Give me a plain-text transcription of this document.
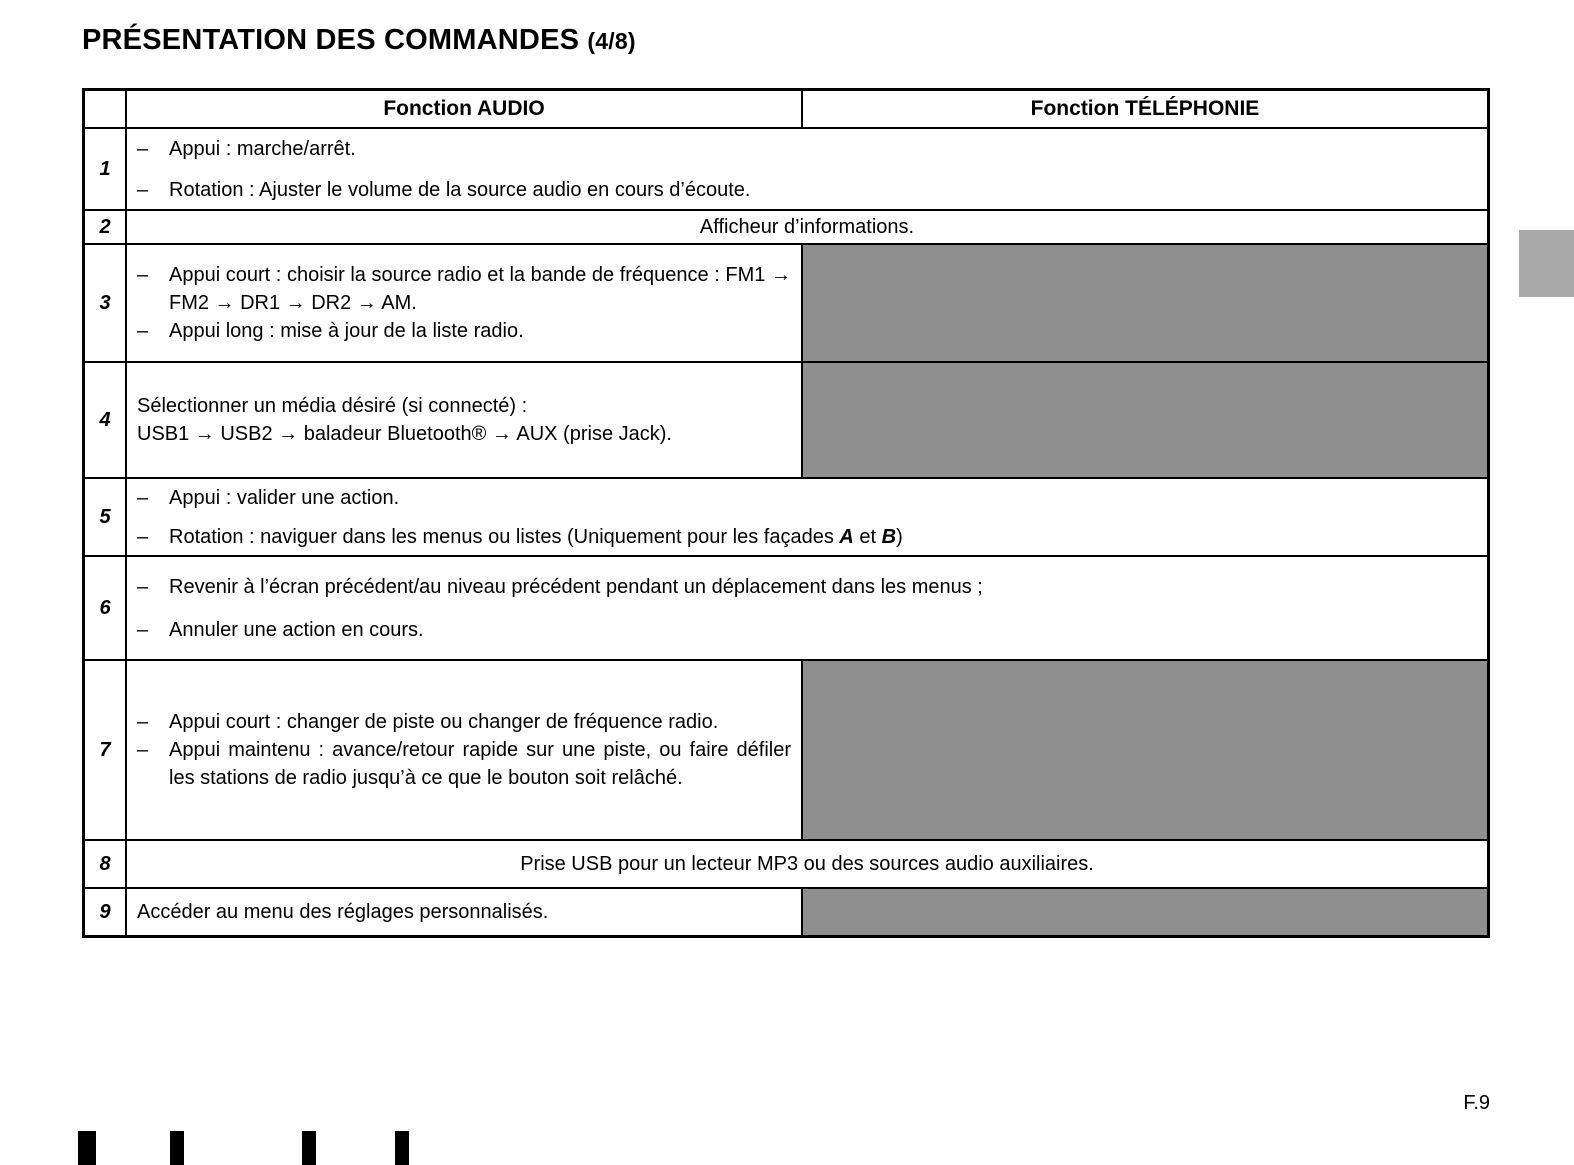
PRÉSENTATION DES COMMANDES (4/8)
Fonction AUDIO	Fonction TÉLÉPHONIE
1
–	Appui : marche/arrêt.
–	Rotation : Ajuster le volume de la source audio en cours d’écoute.
2	Afficheur d’informations.
3
–	Appui court : choisir la source radio et la bande de fréquence : FM1 → FM2 → DR1 → DR2 → AM.
–	Appui long : mise à jour de la liste radio.
4
Sélectionner un média désiré (si connecté) :
USB1 → USB2 → baladeur Bluetooth® → AUX (prise Jack).
5
–	Appui : valider une action.
–	Rotation : naviguer dans les menus ou listes (Uniquement pour les façades A et B)
6
–	Revenir à l’écran précédent/au niveau précédent pendant un déplacement dans les menus ;
–	Annuler une action en cours.
7
–	Appui court : changer de piste ou changer de fréquence radio.
–	Appui maintenu : avance/retour rapide sur une piste, ou faire défiler les stations de radio jusqu’à ce que le bouton soit relâché.
8	Prise USB pour un lecteur MP3 ou des sources audio auxiliaires.
9 Accéder au menu des réglages personnalisés.
F.9
